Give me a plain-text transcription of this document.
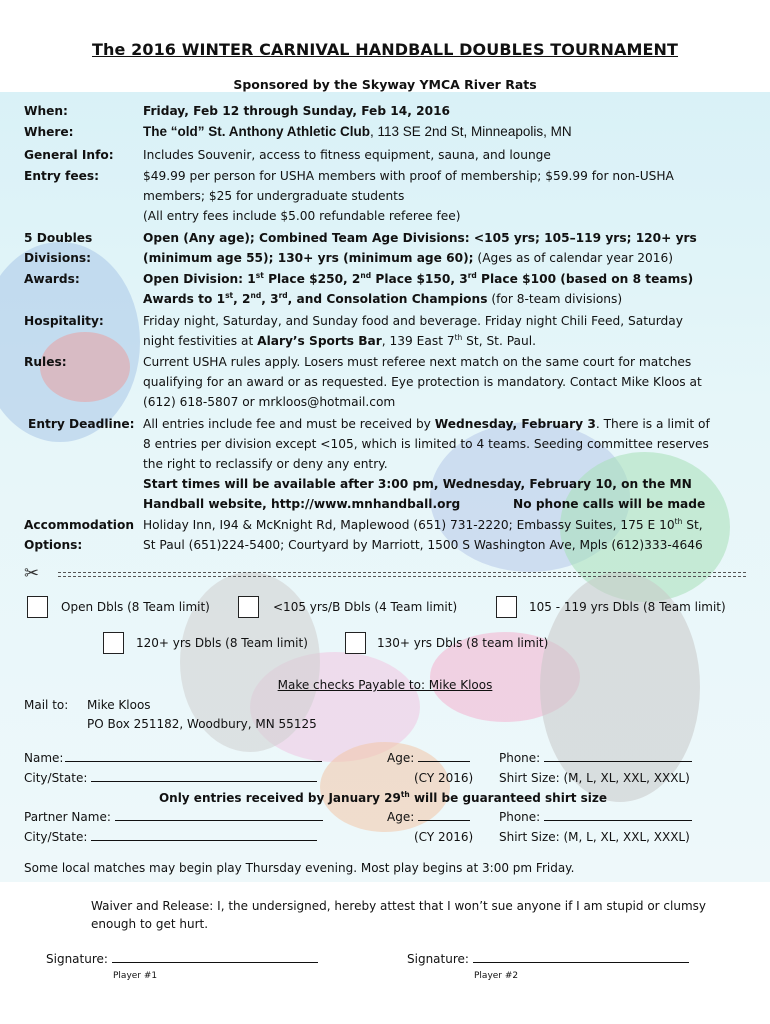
The 2016 WINTER CARNIVAL HANDBALL DOUBLES TOURNAMENT
Sponsored by the Skyway YMCA River Rats
When:	Friday, Feb 12 through Sunday, Feb 14, 2016
Where:	The “old” St. Anthony Athletic Club, 113 SE 2nd St, Minneapolis, MN
General Info:	Includes Souvenir, access to fitness equipment, sauna, and lounge
Entry fees:	$49.99 per person for USHA members with proof of membership; $59.99 for non-USHA
members; $25 for undergraduate students
(All entry fees include $5.00 refundable referee fee)
5 Doubles
Divisions:
Open (Any age); Combined Team Age Divisions: <105 yrs; 105–119 yrs; 120+ yrs
(minimum age 55); 130+ yrs (minimum age 60); (Ages as of calendar year 2016)
Awards:	Open Division: 1st Place $250, 2nd Place $150, 3rd Place $100 (based on 8 teams)
Awards to 1st, 2nd, 3rd, and Consolation Champions (for 8-team divisions)
Hospitality:	Friday night, Saturday, and Sunday food and beverage. Friday night Chili Feed, Saturday
night festivities at Alary’s Sports Bar, 139 East 7th St, St. Paul.
Rules:	Current USHA rules apply. Losers must referee next match on the same court for matches
qualifying for an award or as requested. Eye protection is mandatory. Contact Mike Kloos at
(612) 618-5807 or mrkloos@hotmail.com
Entry Deadline: All entries include fee and must be received by Wednesday, February 3. There is a limit of
8 entries per division except <105, which is limited to 4 teams. Seeding committee reserves
the right to reclassify or deny any entry.
Start times will be available after 3:00 pm, Wednesday, February 10, on the MN
Handball website, http://www.mnhandball.org	No phone calls will be made
Accommodation
Options:
Holiday Inn, I94 & McKnight Rd, Maplewood (651) 731-2220; Embassy Suites, 175 E 10th St,
St Paul (651)224-5400; Courtyard by Marriott, 1500 S Washington Ave, Mpls (612)333-4646
✂
Open Dbls (8 Team limit)	<105 yrs/B Dbls (4 Team limit)	105 - 119 yrs Dbls (8 Team limit)
120+ yrs Dbls (8 Team limit)	130+ yrs Dbls (8 team limit)
Make checks Payable to: Mike Kloos
Mail to: Mike Kloos
PO Box 251182, Woodbury, MN 55125
Name:	Age:	Phone:
City/State:	(CY 2016) Shirt Size: (M, L, XL, XXL, XXXL)
Only entries received by January 29th will be guaranteed shirt size
Partner Name:	Age:	Phone:
City/State:	(CY 2016) Shirt Size: (M, L, XL, XXL, XXXL)
Some local matches may begin play Thursday evening. Most play begins at 3:00 pm Friday.
Waiver and Release: I, the undersigned, hereby attest that I won’t sue anyone if I am stupid or clumsy
enough to get hurt.
Signature:
Player #1
Signature:
Player #2
